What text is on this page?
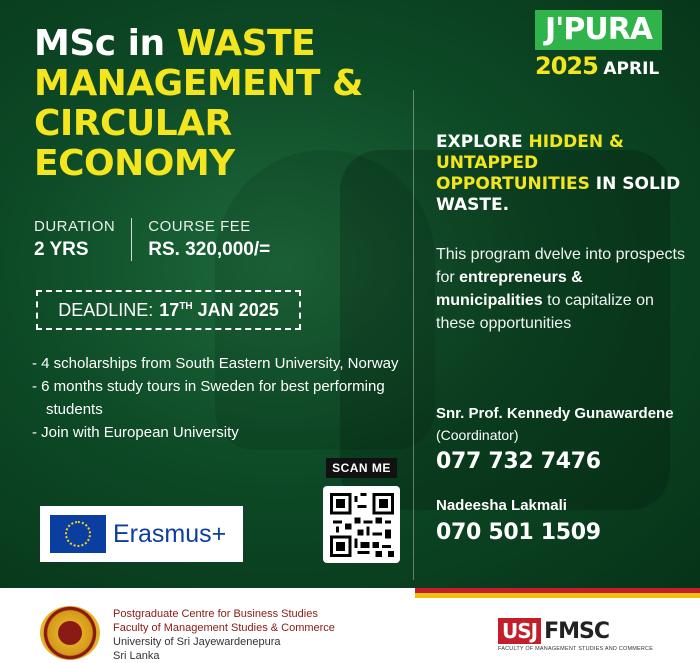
MSc in WASTE MANAGEMENT & CIRCULAR ECONOMY
J'PURA
2025 APRIL
DURATION
2 YRS
COURSE FEE
RS. 320,000/=
DEADLINE: 17TH JAN 2025
- 4 scholarships from South Eastern University, Norway
- 6 months study tours in Sweden for best performing students
- Join with European University
Erasmus+
SCAN ME
EXPLORE HIDDEN & UNTAPPED OPPORTUNITIES IN SOLID WASTE.
This program dvelve into prospects for entrepreneurs & municipalities to capitalize on these opportunities
Snr. Prof. Kennedy Gunawardene
(Coordinator)
077 732 7476
Nadeesha Lakmali
070 501 1509
Postgraduate Centre for Business Studies
Faculty of Management Studies & Commerce
University of Sri Jayewardenepura
Sri Lanka
USJ FMSC
FACULTY OF MANAGEMENT STUDIES AND COMMERCE
